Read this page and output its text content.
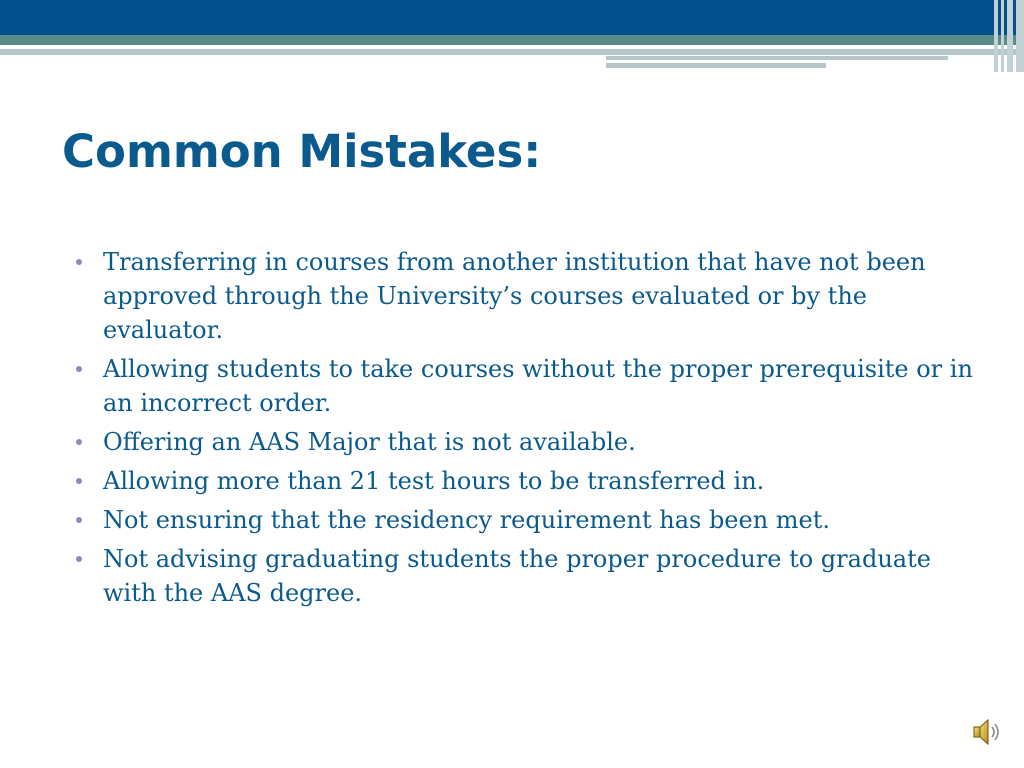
Common Mistakes:
Transferring in courses from another institution that have not been approved through the University’s courses evaluated or by the evaluator.
Allowing students to take courses without the proper prerequisite or in an incorrect order.
Offering an AAS Major that is not available.
Allowing more than 21 test hours to be transferred in.
Not ensuring that the residency requirement has been met.
Not advising graduating students the proper procedure to graduate with the AAS degree.
